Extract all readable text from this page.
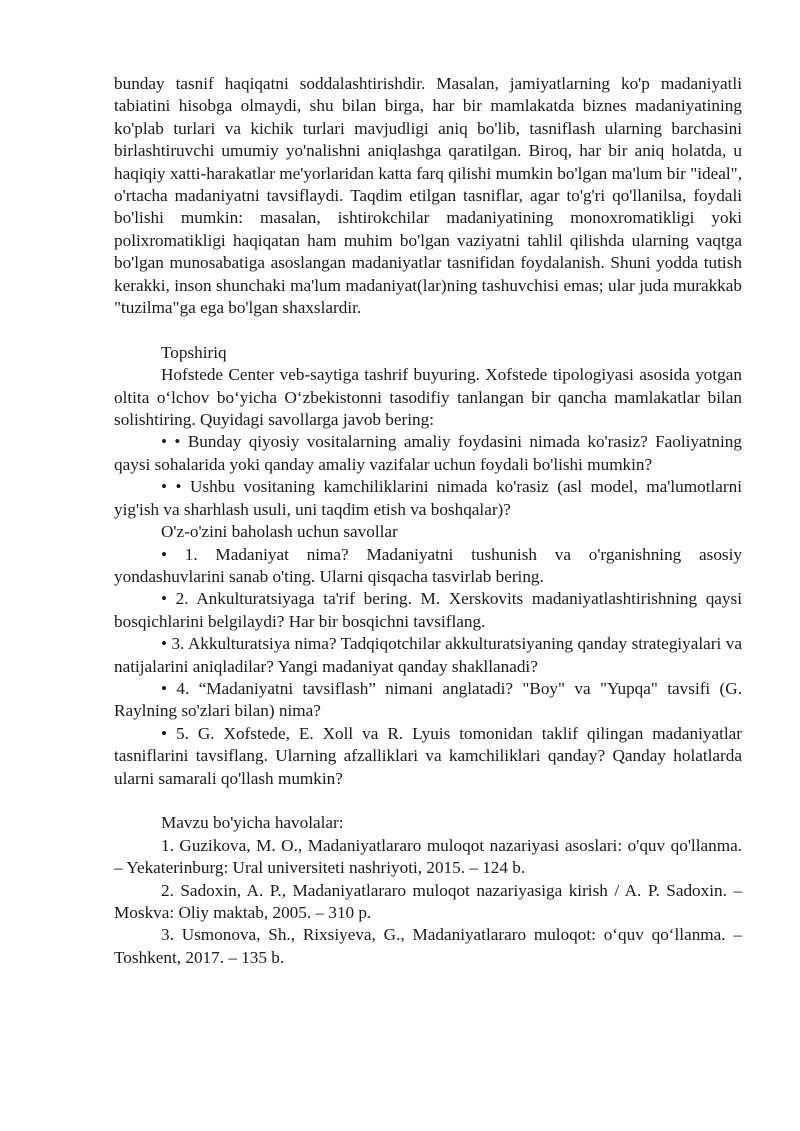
bunday tasnif haqiqatni soddalashtirishdir. Masalan, jamiyatlarning ko'p madaniyatli tabiatini hisobga olmaydi, shu bilan birga, har bir mamlakatda biznes madaniyatining ko'plab turlari va kichik turlari mavjudligi aniq bo'lib, tasniflash ularning barchasini birlashtiruvchi umumiy yo'nalishni aniqlashga qaratilgan. Biroq, har bir aniq holatda, u haqiqiy xatti-harakatlar me'yorlaridan katta farq qilishi mumkin bo'lgan ma'lum bir "ideal", o'rtacha madaniyatni tavsiflaydi. Taqdim etilgan tasniflar, agar to'g'ri qo'llanilsa, foydali bo'lishi mumkin: masalan, ishtirokchilar madaniyatining monoxromatikligi yoki polixromatikligi haqiqatan ham muhim bo'lgan vaziyatni tahlil qilishda ularning vaqtga bo'lgan munosabatiga asoslangan madaniyatlar tasnifidan foydalanish. Shuni yodda tutish kerakki, inson shunchaki ma'lum madaniyat(lar)ning tashuvchisi emas; ular juda murakkab "tuzilma"ga ega bo'lgan shaxslardir.

Topshiriq

Hofstede Center veb-saytiga tashrif buyuring. Xofstede tipologiyasi asosida yotgan oltita o‘lchov bo‘yicha O‘zbekistonni tasodifiy tanlangan bir qancha mamlakatlar bilan solishtiring. Quyidagi savollarga javob bering:

• • Bunday qiyosiy vositalarning amaliy foydasini nimada ko'rasiz? Faoliyatning qaysi sohalarida yoki qanday amaliy vazifalar uchun foydali bo'lishi mumkin?

• • Ushbu vositaning kamchiliklarini nimada ko'rasiz (asl model, ma'lumotlarni yig'ish va sharhlash usuli, uni taqdim etish va boshqalar)?

O'z-o'zini baholash uchun savollar

• 1. Madaniyat nima? Madaniyatni tushunish va o'rganishning asosiy yondashuvlarini sanab o'ting. Ularni qisqacha tasvirlab bering.

• 2. Ankulturatsiyaga ta'rif bering. M. Xerskovits madaniyatlashtirishning qaysi bosqichlarini belgilaydi? Har bir bosqichni tavsiflang.

• 3. Akkulturatsiya nima? Tadqiqotchilar akkulturatsiyaning qanday strategiyalari va natijalarini aniqladilar? Yangi madaniyat qanday shakllanadi?

• 4. “Madaniyatni tavsiflash” nimani anglatadi? "Boy" va "Yupqa" tavsifi (G. Raylning so'zlari bilan) nima?

• 5. G. Xofstede, E. Xoll va R. Lyuis tomonidan taklif qilingan madaniyatlar tasniflarini tavsiflang. Ularning afzalliklari va kamchiliklari qanday? Qanday holatlarda ularni samarali qo'llash mumkin?

Mavzu bo'yicha havolalar:

1. Guzikova, M. O., Madaniyatlararo muloqot nazariyasi asoslari: o'quv qo'llanma. – Yekaterinburg: Ural universiteti nashriyoti, 2015. – 124 b.

2. Sadoxin, A. P., Madaniyatlararo muloqot nazariyasiga kirish / A. P. Sadoxin. – Moskva: Oliy maktab, 2005. – 310 p.

3. Usmonova, Sh., Rixsiyeva, G., Madaniyatlararo muloqot: o‘quv qo‘llanma. – Toshkent, 2017. – 135 b.
